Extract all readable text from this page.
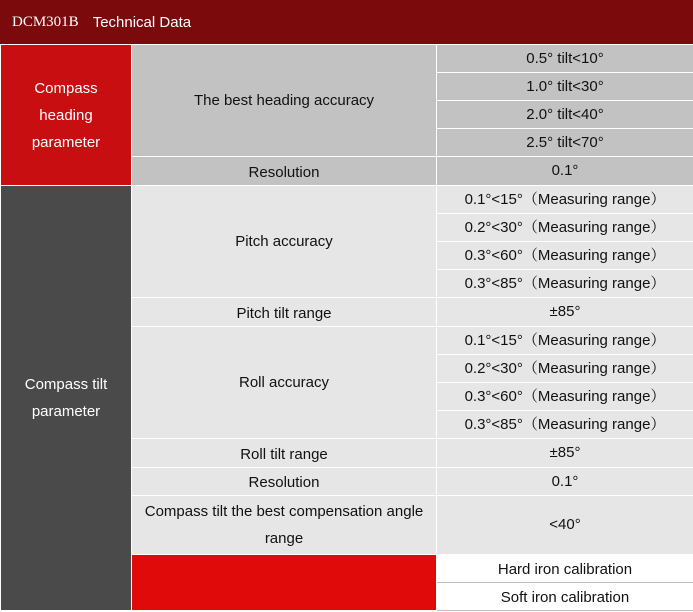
DCM301B Technical Data
Compass heading parameter	The best heading accuracy	0.5° tilt<10°	
		1.0° tilt<30°	
		2.0° tilt<40°	
		2.5° tilt<70°	
	Resolution	0.1°	

Compass tilt parameter	Pitch accuracy	0.1°<15°（Measuring range）	
		0.2°<30°（Measuring range）	
		0.3°<60°（Measuring range）	
		0.3°<85°（Measuring range）	
	Pitch tilt range	±85°	
	Roll accuracy	0.1°<15°（Measuring range）	
		0.2°<30°（Measuring range）	
		0.3°<60°（Measuring range）	
		0.3°<85°（Measuring range）	
	Roll tilt range	±85°	
	Resolution	0.1°	
	Compass tilt the best compensation angle range	<40°	
		Hard iron calibration	
		Soft iron calibration	
